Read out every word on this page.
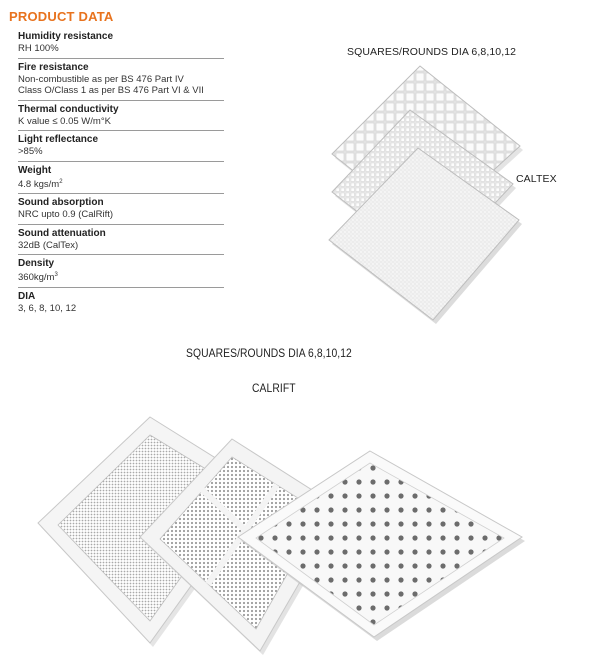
PRODUCT DATA
Humidity resistance
RH 100%
Fire resistance
Non-combustible as per BS 476 Part IV
Class O/Class 1 as per BS 476 Part VI & VII
Thermal conductivity
K value ≤ 0.05 W/m°K
Light reflectance
>85%
Weight
4.8 kgs/$m^2$
Sound absorption
NRC upto 0.9 (CalRift)
Sound attenuation
32dB (CalTex)
Density
$360kg/m^3$
DIA
3, 6, 8, 10, 12
SQUARES/ROUNDS DIA 6,8,10,12
CALTEX
SQUARES/ROUNDS DIA 6,8,10,12
CALRIFT
